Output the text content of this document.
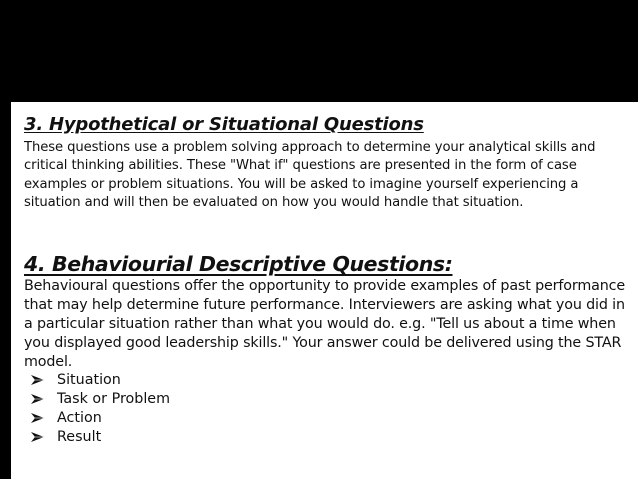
3. Hypothetical or Situational Questions
These questions use a problem solving approach to determine your analytical skills and critical thinking abilities. These "What if" questions are presented in the form of case examples or problem situations. You will be asked to imagine yourself experiencing a situation and will then be evaluated on how you would handle that situation.
4. Behaviourial Descriptive Questions:
Behavioural questions offer the opportunity to provide examples of past performance that may help determine future performance. Interviewers are asking what you did in a particular situation rather than what you would do. e.g. "Tell us about a time when you displayed good leadership skills." Your answer could be delivered using the STAR model.
Situation
Task or Problem
Action
Result
